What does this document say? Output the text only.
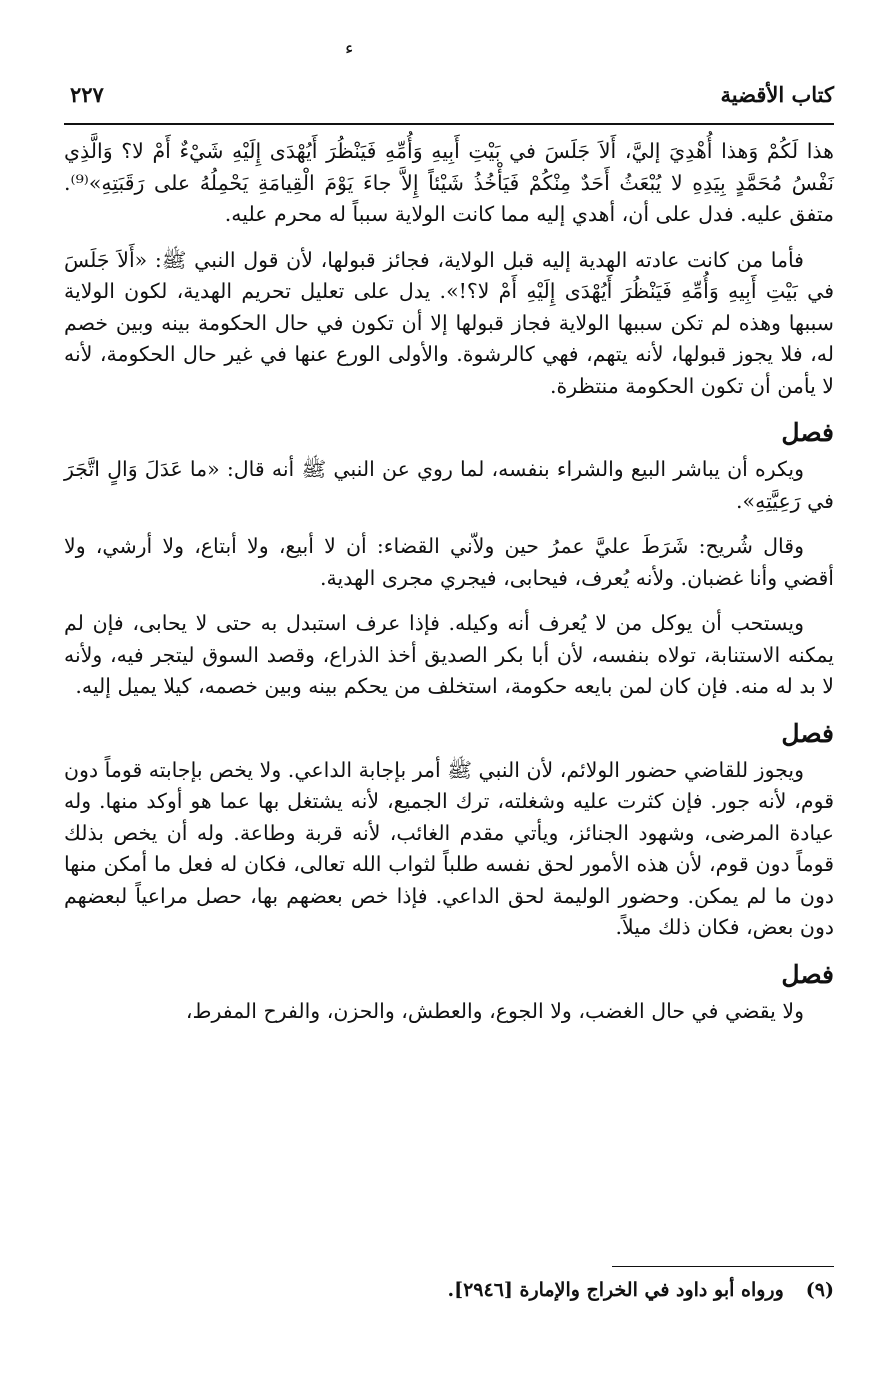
ء
كتاب الأقضية
٢٢٧

هذا لَكُمْ وَهذا أُهْدِيَ إليَّ، أَلاَ جَلَسَ في بَيْتِ أَبِيهِ وَأُمِّهِ فَيَنْظُرَ أَيُهْدَى إِلَيْهِ شَيْءٌ أَمْ لا؟ وَالَّذِي نَفْسُ مُحَمَّدٍ بِيَدِهِ لا يُبْعَثُ أَحَدٌ مِنْكُمْ فَيَأْخُذُ شَيْئاً إِلاَّ جاءَ يَوْمَ الْقِيامَةِ يَحْمِلُهُ على رَقَبَتِهِ»⁽⁹⁾. متفق عليه. فدل على أن، أهدي إليه مما كانت الولاية سبباً له محرم عليه.

فأما من كانت عادته الهدية إليه قبل الولاية، فجائز قبولها، لأن قول النبي ﷺ: «أَلاَ جَلَسَ في بَيْتِ أَبِيهِ وَأُمِّهِ فَيَنْظُرَ أَيُهْدَى إِلَيْهِ أَمْ لا؟!». يدل على تعليل تحريم الهدية، لكون الولاية سببها وهذه لم تكن سببها الولاية فجاز قبولها إلا أن تكون في حال الحكومة بينه وبين خصم له، فلا يجوز قبولها، لأنه يتهم، فهي كالرشوة. والأولى الورع عنها في غير حال الحكومة، لأنه لا يأمن أن تكون الحكومة منتظرة.

فصل

ويكره أن يباشر البيع والشراء بنفسه، لما روي عن النبي ﷺ أنه قال: «ما عَدَلَ وَالٍ اتَّجَرَ في رَعِيَّتِهِ».

وقال شُريح: شَرَطَ عليَّ عمرُ حين ولاّني القضاء: أن لا أبيع، ولا أبتاع، ولا أرشي، ولا أقضي وأنا غضبان. ولأنه يُعرف، فيحابى، فيجري مجرى الهدية.

ويستحب أن يوكل من لا يُعرف أنه وكيله. فإذا عرف استبدل به حتى لا يحابى، فإن لم يمكنه الاستنابة، تولاه بنفسه، لأن أبا بكر الصديق أخذ الذراع، وقصد السوق ليتجر فيه، ولأنه لا بد له منه. فإن كان لمن بايعه حكومة، استخلف من يحكم بينه وبين خصمه، كيلا يميل إليه.

فصل

ويجوز للقاضي حضور الولائم، لأن النبي ﷺ أمر بإجابة الداعي. ولا يخص بإجابته قوماً دون قوم، لأنه جور. فإن كثرت عليه وشغلته، ترك الجميع، لأنه يشتغل بها عما هو أوكد منها. وله عيادة المرضى، وشهود الجنائز، ويأتي مقدم الغائب، لأنه قربة وطاعة. وله أن يخص بذلك قوماً دون قوم، لأن هذه الأمور لحق نفسه طلباً لثواب الله تعالى، فكان له فعل ما أمكن منها دون ما لم يمكن. وحضور الوليمة لحق الداعي. فإذا خص بعضهم بها، حصل مراعياً لبعضهم دون بعض، فكان ذلك ميلاً.

فصل

ولا يقضي في حال الغضب، ولا الجوع، والعطش، والحزن، والفرح المفرط،

(٩)ورواه أبو داود في الخراج والإمارة [٢٩٤٦].
